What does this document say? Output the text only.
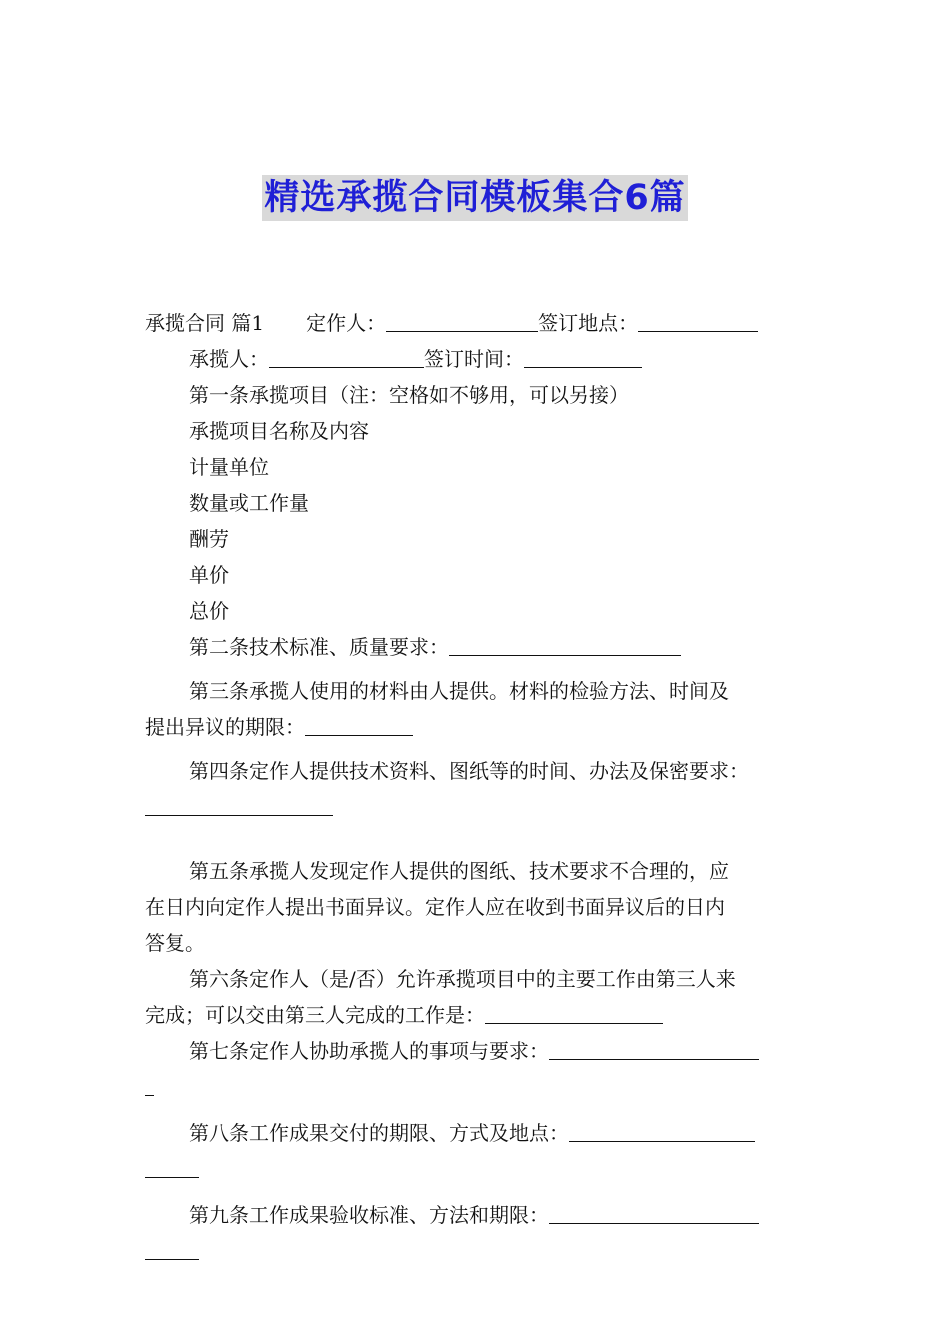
精选承揽合同模板集合6篇
承揽合同 篇1 定作人：	签订地点：
承揽人：	签订时间：
第一条承揽项目（注：空格如不够用，可以另接）
承揽项目名称及内容
计量单位
数量或工作量
酬劳
单价
总价
第二条技术标准、质量要求：
第三条承揽人使用的材料由人提供。材料的检验方法、时间及
提出异议的期限：
第四条定作人提供技术资料、图纸等的时间、办法及保密要求：
第五条承揽人发现定作人提供的图纸、技术要求不合理的，应
在日内向定作人提出书面异议。定作人应在收到书面异议后的日内
答复。
第六条定作人（是/否）允许承揽项目中的主要工作由第三人来
完成；可以交由第三人完成的工作是：
第七条定作人协助承揽人的事项与要求：
第八条工作成果交付的期限、方式及地点：
第九条工作成果验收标准、方法和期限：
